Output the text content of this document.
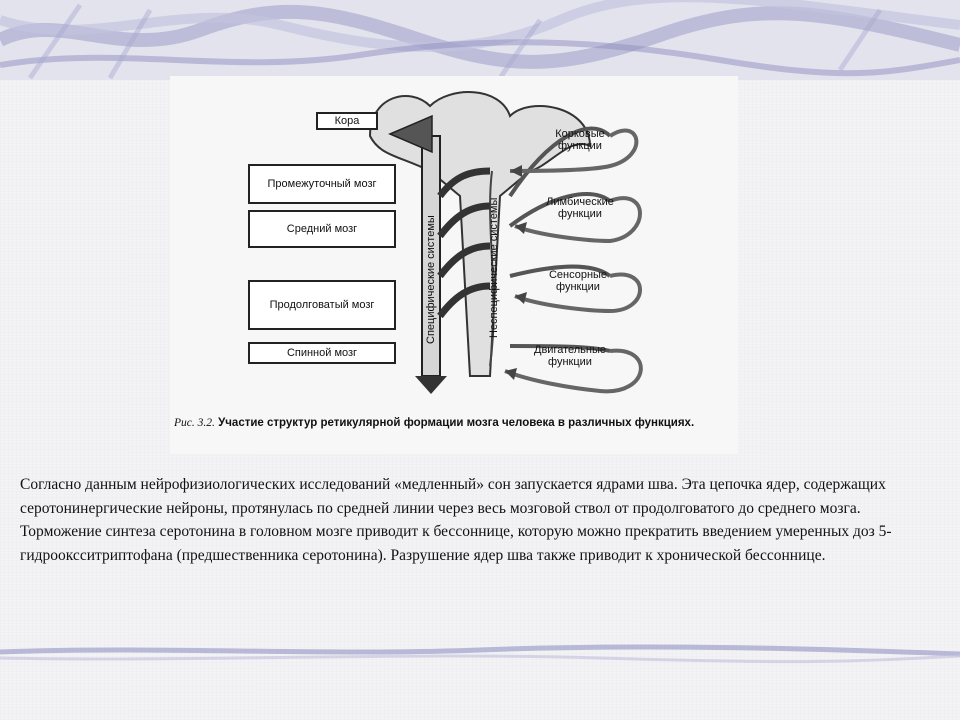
Кора
Промежуточный мозг
Средний мозг
Продолговатый мозг
Спинной мозг
Корковые функции
Лимбические функции
Сенсорные функции
Двигательные функции
Специфические системы	Неспецифические системы
Рис. 3.2. Участие структур ретикулярной формации мозга человека в различных функциях.
Согласно данным нейрофизиологических исследований «медленный» сон запускается ядрами шва. Эта цепочка ядер, содержащих серотонинергические нейроны, протянулась по средней линии через весь мозговой ствол от продолговатого до среднего мозга. Торможение синтеза серотонина в головном мозге приводит к бессоннице, которую можно прекратить введением умеренных доз 5-гидрооксситриптофана (предшественника серотонина). Разрушение ядер шва также приводит к хронической бессоннице.
